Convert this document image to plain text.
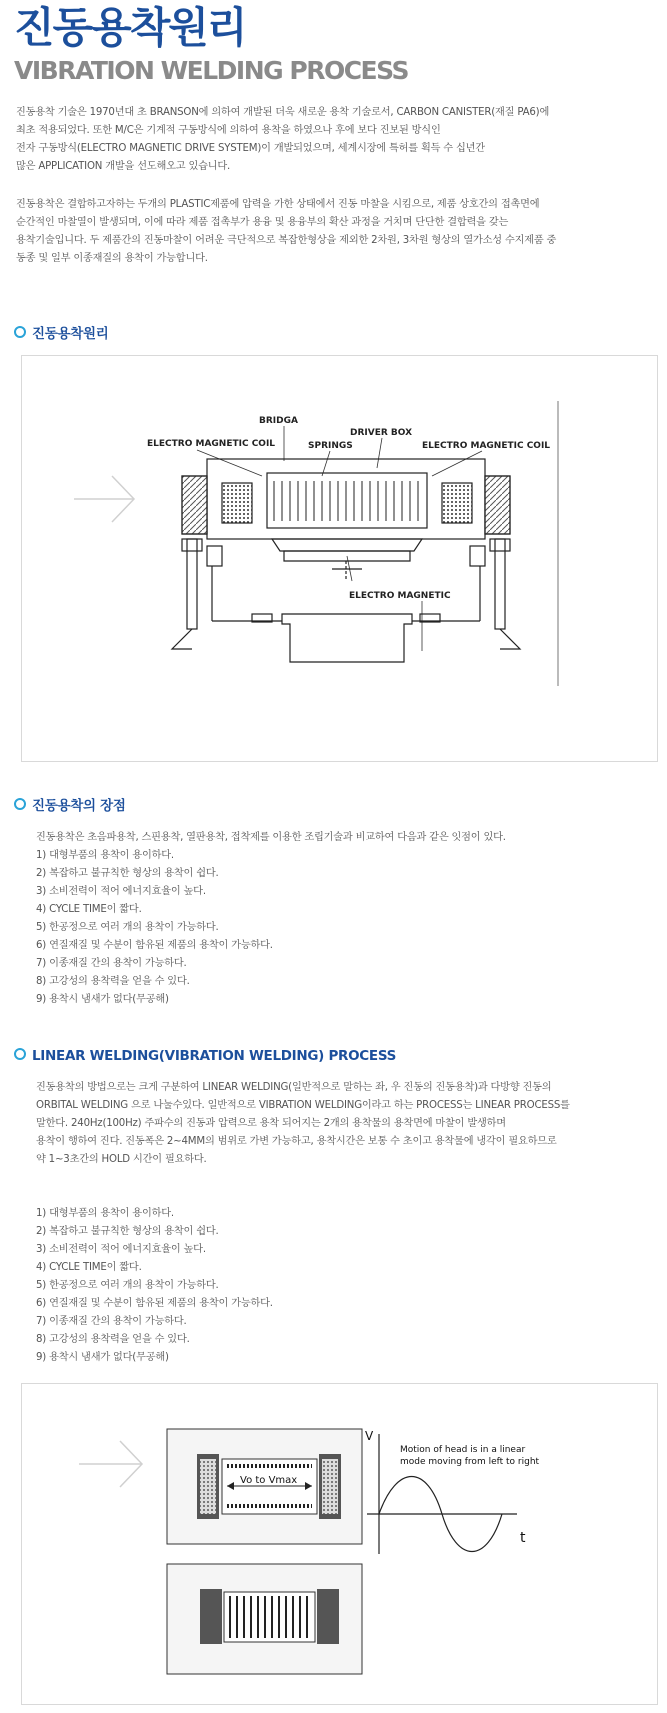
진동용착원리
VIBRATION WELDING PROCESS
진동용착 기술은 1970년대 초 BRANSON에 의하여 개발된 더욱 새로운 용착 기술로서, CARBON CANISTER(재질 PA6)에
최초 적용되었다. 또한 M/C은 기계적 구동방식에 의하여 용착을 하였으나 후에 보다 진보된 방식인
전자 구동방식(ELECTRO MAGNETIC DRIVE SYSTEM)이 개발되었으며, 세계시장에 특허를 획득 수 십년간
많은 APPLICATION 개발을 선도해오고 있습니다.
진동용착은 결합하고자하는 두개의 PLASTIC제품에 압력을 가한 상태에서 진동 마찰을 시킴으로, 제품 상호간의 접촉면에
순간적인 마찰열이 발생되며, 이에 따라 제품 접촉부가 용융 및 용융부의 확산 과정을 거치며 단단한 결합력을 갖는
용착기술입니다. 두 제품간의 진동마찰이 어려운 극단적으로 복잡한형상을 제외한 2차원, 3차원 형상의 열가소성 수지제품 중
동종 및 일부 이종재질의 용착이 가능합니다.
진동용착원리
BRIDGA
ELECTRO MAGNETIC COIL	SPRINGS
DRIVER BOX
ELECTRO MAGNETIC COIL
ELECTRO MAGNETIC
진동용착의 장점
진동용착은 초음파용착, 스핀용착, 열판용착, 접착제를 이용한 조립기술과 비교하여 다음과 같은 잇점이 있다.
1) 대형부품의 용착이 용이하다.
2) 복잡하고 불규칙한 형상의 용착이 쉽다.
3) 소비전력이 적어 에너지효율이 높다.
4) CYCLE TIME이 짧다.
5) 한공정으로 여러 개의 용착이 가능하다.
6) 연질재질 및 수분이 함유된 제품의 용착이 가능하다.
7) 이종재질 간의 용착이 가능하다.
8) 고강성의 용착력을 얻을 수 있다.
9) 용착시 냄새가 없다(무공해)
LINEAR WELDING(VIBRATION WELDING) PROCESS
진동용착의 방법으로는 크게 구분하여 LINEAR WELDING(일반적으로 말하는 좌, 우 진동의 진동용착)과 다방향 진동의
ORBITAL WELDING 으로 나눌수있다. 일반적으로 VIBRATION WELDING이라고 하는 PROCESS는 LINEAR PROCESS를
말한다. 240Hz(100Hz) 주파수의 진동과 압력으로 용착 되어지는 2개의 용착물의 용착면에 마찰이 발생하며
용착이 행하여 진다. 진동폭은 2~4MM의 범위로 가변 가능하고, 용착시간은 보통 수 초이고 용착물에 냉각이 필요하므로
약 1~3초간의 HOLD 시간이 필요하다.
1) 대형부품의 용착이 용이하다.
2) 복잡하고 불규칙한 형상의 용착이 쉽다.
3) 소비전력이 적어 에너지효율이 높다.
4) CYCLE TIME이 짧다.
5) 한공정으로 여러 개의 용착이 가능하다.
6) 연질재질 및 수분이 함유된 제품의 용착이 가능하다.
7) 이종재질 간의 용착이 가능하다.
8) 고강성의 용착력을 얻을 수 있다.
9) 용착시 냄새가 없다(무공해)
Vo to Vmax
V
t
Motion of head is in a linear
mode moving from left to right
